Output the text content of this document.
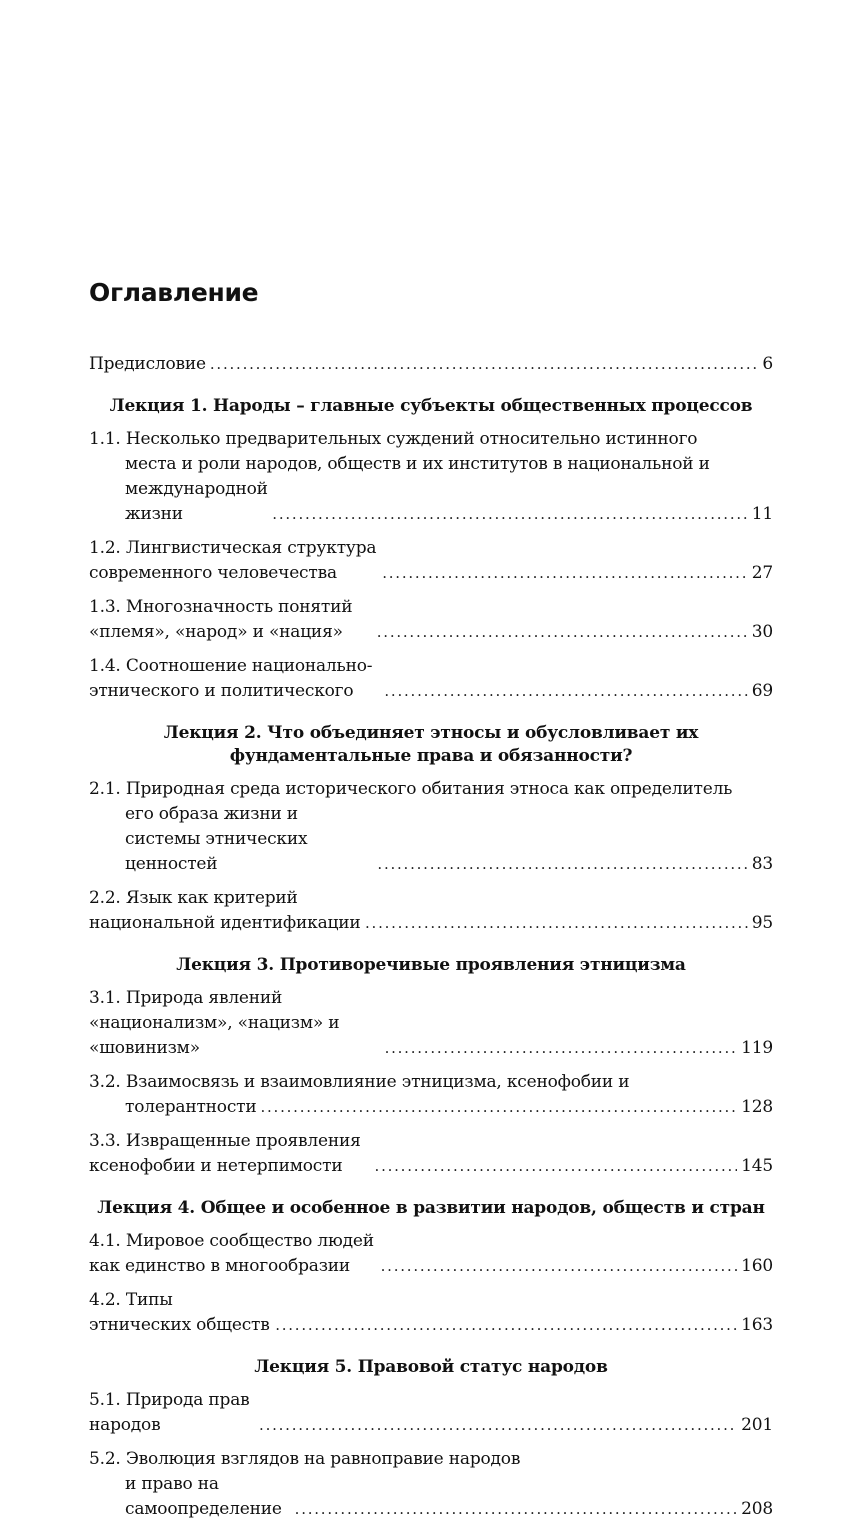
Оглавление
Предисловие . . .	6
Лекция 1. Народы – главные субъекты общественных процессов
1.1. Несколько предварительных суждений относительно истинного
места и роли народов, обществ и их институтов в национальной и
международной жизни . . .	11
1.2. Лингвистическая структура современного человечества . . .	27
1.3. Многозначность понятий «племя», «народ» и «нация» . . .	30
1.4. Соотношение национально-этнического и политического . . .	69
Лекция 2. Что объединяет этносы и обусловливает их
фундаментальные права и обязанности?
2.1. Природная среда исторического обитания этноса как определитель
его образа жизни и системы этнических ценностей . . .	83
2.2. Язык как критерий национальной идентификации . . .	95
Лекция 3. Противоречивые проявления этницизма
3.1. Природа явлений «национализм», «нацизм» и «шовинизм» . . .	119
3.2. Взаимосвязь и взаимовлияние этницизма, ксенофобии и
толерантности . . .	128
3.3. Извращенные проявления ксенофобии и нетерпимости . . .	145
Лекция 4. Общее и особенное в развитии народов, обществ и стран
4.1. Мировое сообщество людей как единство в многообразии . . .	160
4.2. Типы этнических обществ . . .	163
Лекция 5. Правовой статус народов
5.1. Природа прав народов . . .	201
5.2. Эволюция взглядов на равноправие народов
и право на самоопределение . . .	208
